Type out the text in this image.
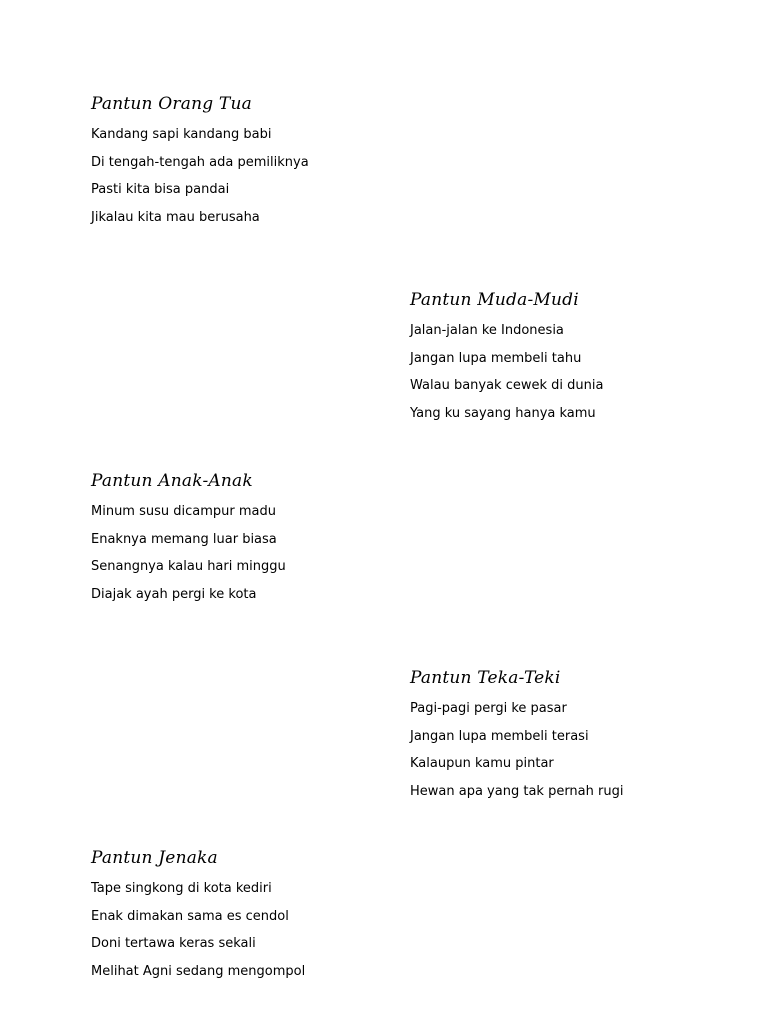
Pantun Orang Tua
Kandang sapi kandang babi
Di tengah-tengah ada pemiliknya
Pasti kita bisa pandai
Jikalau kita mau berusaha
Pantun Muda-Mudi
Jalan-jalan ke Indonesia
Jangan lupa membeli tahu
Walau banyak cewek di dunia
Yang ku sayang hanya kamu
Pantun Anak-Anak
Minum susu dicampur madu
Enaknya memang luar biasa
Senangnya kalau hari minggu
Diajak ayah pergi ke kota
Pantun Teka-Teki
Pagi-pagi pergi ke pasar
Jangan lupa membeli terasi
Kalaupun kamu pintar
Hewan apa yang tak pernah rugi
Pantun Jenaka
Tape singkong di kota kediri
Enak dimakan sama es cendol
Doni tertawa keras sekali
Melihat Agni sedang mengompol
